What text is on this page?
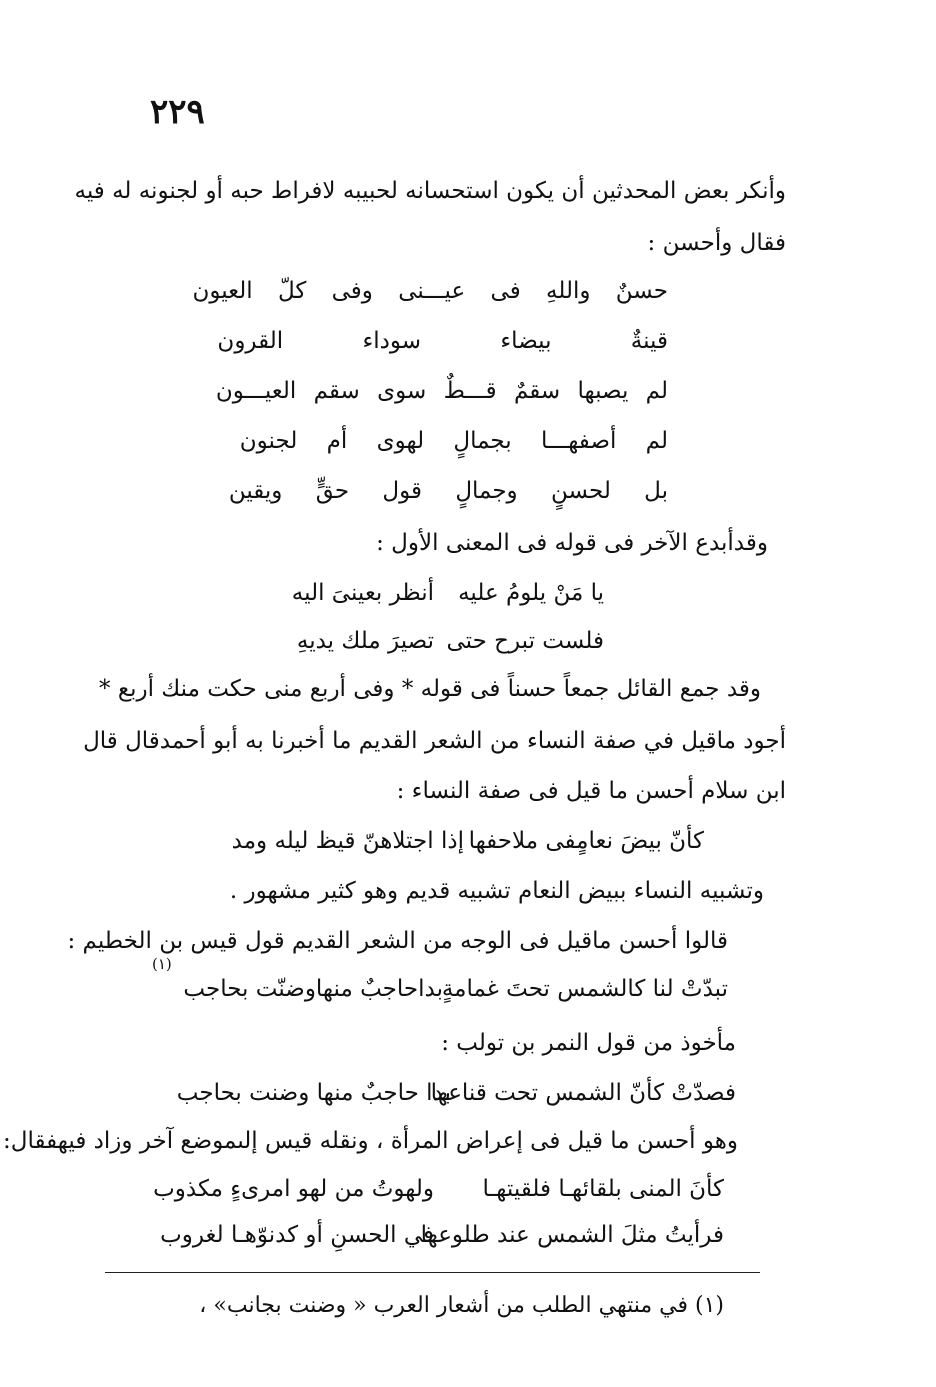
٢٢٩
وأنكر بعض المحدثين أن يكون استحسانه لحبيبه لافراط حبه أو لجنونه له فيه
فقال وأحسن :
حسنٌ واللهِ فى عيـــنى وفى كلّ العيون
قينةٌ بيضاء سوداء القرون
لم يصبها سقمٌ قـــطٌ سوى سقم العيـــون
لم أصفهـــا بجمالٍ لهوى أم لجنون
بل لحسنٍ وجمالٍ قول حقٍّ ويقين
وقدأبدع الآخر فى قوله فى المعنى الأول :
يا مَنْ يلومُ عليه
أنظر بعينىَ اليه
فلست تبرح حتى
تصيرَ ملك يديهِ
وقد جمع القائل جمعاً حسناً فى قوله * وفى أربع منى حكت منك أربع *
أجود ماقيل في صفة النساء من الشعر القديم ما أخبرنا به أبو أحمدقال قال
ابن سلام أحسن ما قيل فى صفة النساء :
كأنّ بيضَ نعامٍفى ملاحفها
إذا اجتلاهنّ قيظ ليله ومد
وتشبيه النساء ببيض النعام تشبيه قديم وهو كثير مشهور .
قالوا أحسن ماقيل فى الوجه من الشعر القديم قول قيس بن الخطيم :
تبدّتْ لنا كالشمس تحتَ غمامةٍ
بداحاجبٌ منهاوضنّت بحاجب
(١)
مأخوذ من قول النمر بن تولب :
فصدّتْ كأنّ الشمس تحت قناعها
بدا حاجبٌ منها وضنت بحاجب
وهو أحسن ما قيل فى إعراض المرأة ، ونقله قيس إلىموضع آخر وزاد فيهفقال:
كأنَ المنى بلقائهـا فلقيتهـا
ولهوتُ من لهو امرىءٍ مكذوب
فرأيتُ مثلَ الشمس عند طلوعها
في الحسنِ أو كدنوّهـا لغروب
(١) في منتهي الطلب من أشعار العرب « وضنت بجانب» ،
